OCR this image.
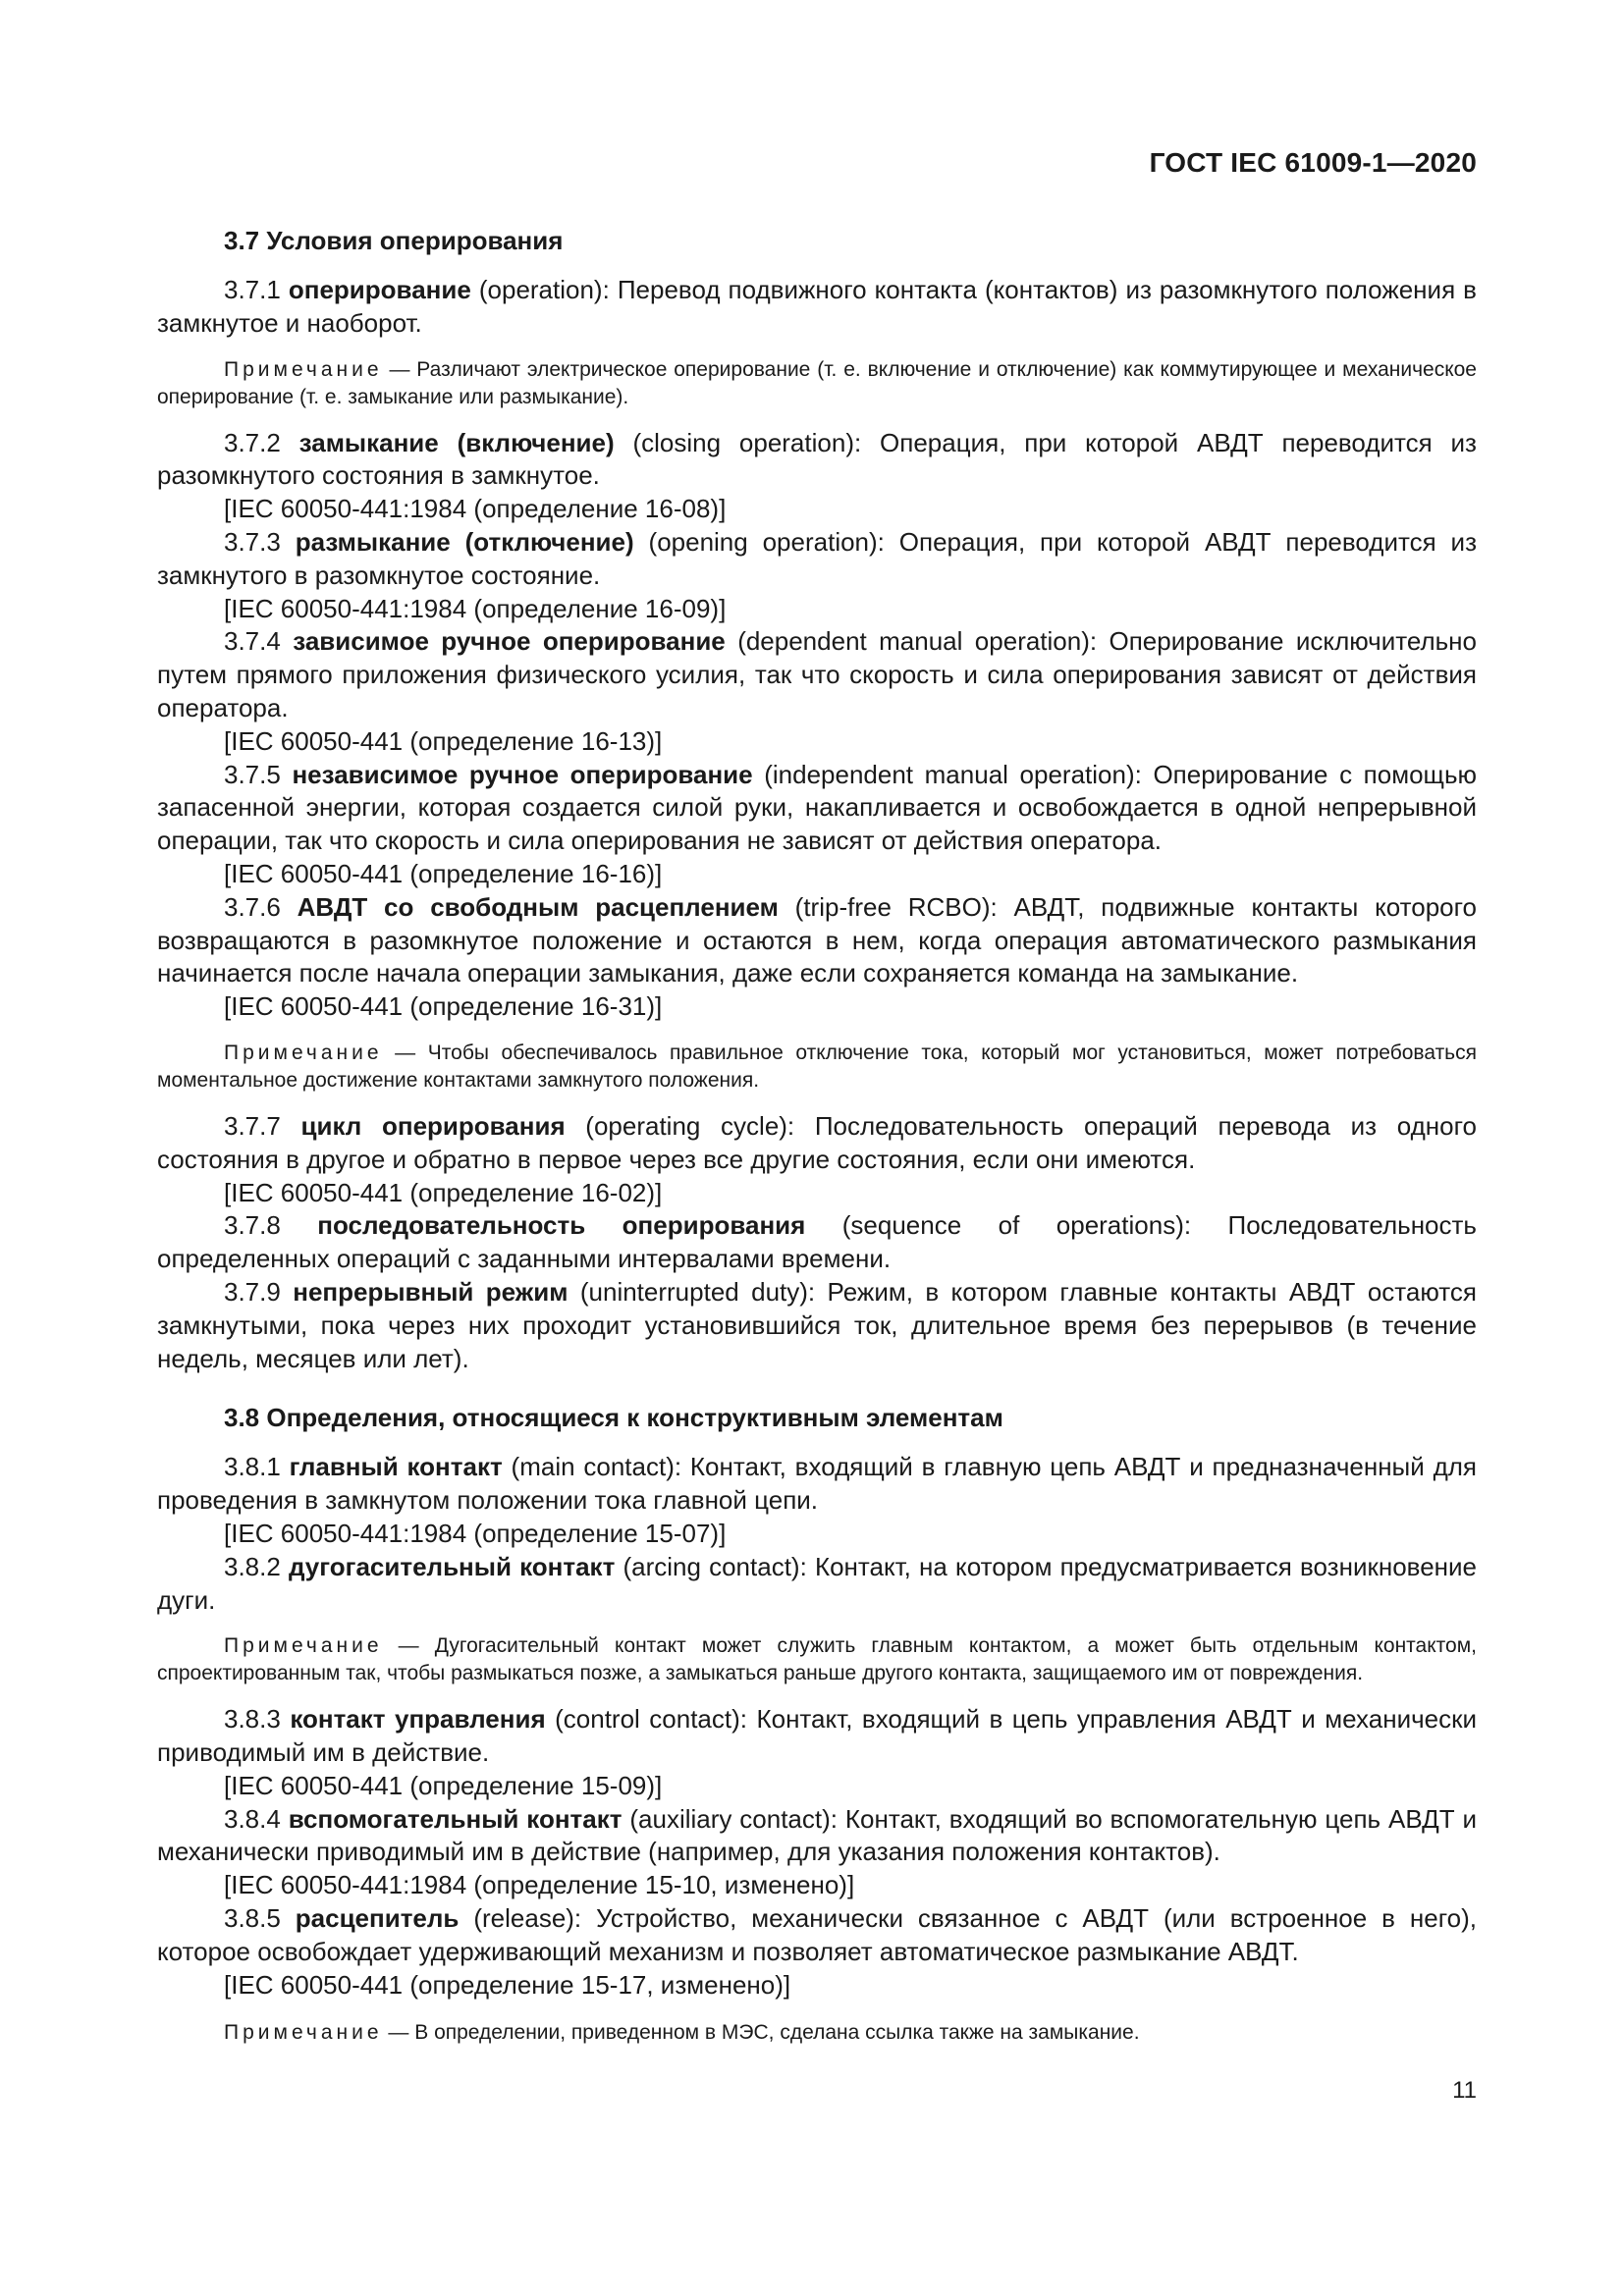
ГОСТ IEC 61009-1—2020
3.7 Условия оперирования

3.7.1 оперирование (operation): Перевод подвижного контакта (контактов) из разомкнутого положения в замкнутое и наоборот.

Примечание — Различают электрическое оперирование (т. е. включение и отключение) как коммутирующее и механическое оперирование (т. е. замыкание или размыкание).

3.7.2 замыкание (включение) (closing operation): Операция, при которой АВДТ переводится из разомкнутого состояния в замкнутое.

[IEC 60050-441:1984 (определение 16-08)]

3.7.3 размыкание (отключение) (opening operation): Операция, при которой АВДТ переводится из замкнутого в разомкнутое состояние.

[IEC 60050-441:1984 (определение 16-09)]

3.7.4 зависимое ручное оперирование (dependent manual operation): Оперирование исключительно путем прямого приложения физического усилия, так что скорость и сила оперирования зависят от действия оператора.

[IEC 60050-441 (определение 16-13)]

3.7.5 независимое ручное оперирование (independent manual operation): Оперирование с помощью запасенной энергии, которая создается силой руки, накапливается и освобождается в одной непрерывной операции, так что скорость и сила оперирования не зависят от действия оператора.

[IEC 60050-441 (определение 16-16)]

3.7.6 АВДТ со свободным расцеплением (trip-free RCBO): АВДТ, подвижные контакты которого возвращаются в разомкнутое положение и остаются в нем, когда операция автоматического размыкания начинается после начала операции замыкания, даже если сохраняется команда на замыкание.

[IEC 60050-441 (определение 16-31)]

Примечание — Чтобы обеспечивалось правильное отключение тока, который мог установиться, может потребоваться моментальное достижение контактами замкнутого положения.

3.7.7 цикл оперирования (operating cycle): Последовательность операций перевода из одного состояния в другое и обратно в первое через все другие состояния, если они имеются.

[IEC 60050-441 (определение 16-02)]

3.7.8 последовательность оперирования (sequence of operations): Последовательность определенных операций с заданными интервалами времени.

3.7.9 непрерывный режим (uninterrupted duty): Режим, в котором главные контакты АВДТ остаются замкнутыми, пока через них проходит установившийся ток, длительное время без перерывов (в течение недель, месяцев или лет).

3.8 Определения, относящиеся к конструктивным элементам

3.8.1 главный контакт (main contact): Контакт, входящий в главную цепь АВДТ и предназначенный для проведения в замкнутом положении тока главной цепи.

[IEC 60050-441:1984 (определение 15-07)]

3.8.2 дугогасительный контакт (arcing contact): Контакт, на котором предусматривается возникновение дуги.

Примечание — Дугогасительный контакт может служить главным контактом, а может быть отдельным контактом, спроектированным так, чтобы размыкаться позже, а замыкаться раньше другого контакта, защищаемого им от повреждения.

3.8.3 контакт управления (control contact): Контакт, входящий в цепь управления АВДТ и механически приводимый им в действие.

[IEC 60050-441 (определение 15-09)]

3.8.4 вспомогательный контакт (auxiliary contact): Контакт, входящий во вспомогательную цепь АВДТ и механически приводимый им в действие (например, для указания положения контактов).

[IEC 60050-441:1984 (определение 15-10, изменено)]

3.8.5 расцепитель (release): Устройство, механически связанное с АВДТ (или встроенное в него), которое освобождает удерживающий механизм и позволяет автоматическое размыкание АВДТ.

[IEC 60050-441 (определение 15-17, изменено)]

Примечание — В определении, приведенном в МЭС, сделана ссылка также на замыкание.

11
